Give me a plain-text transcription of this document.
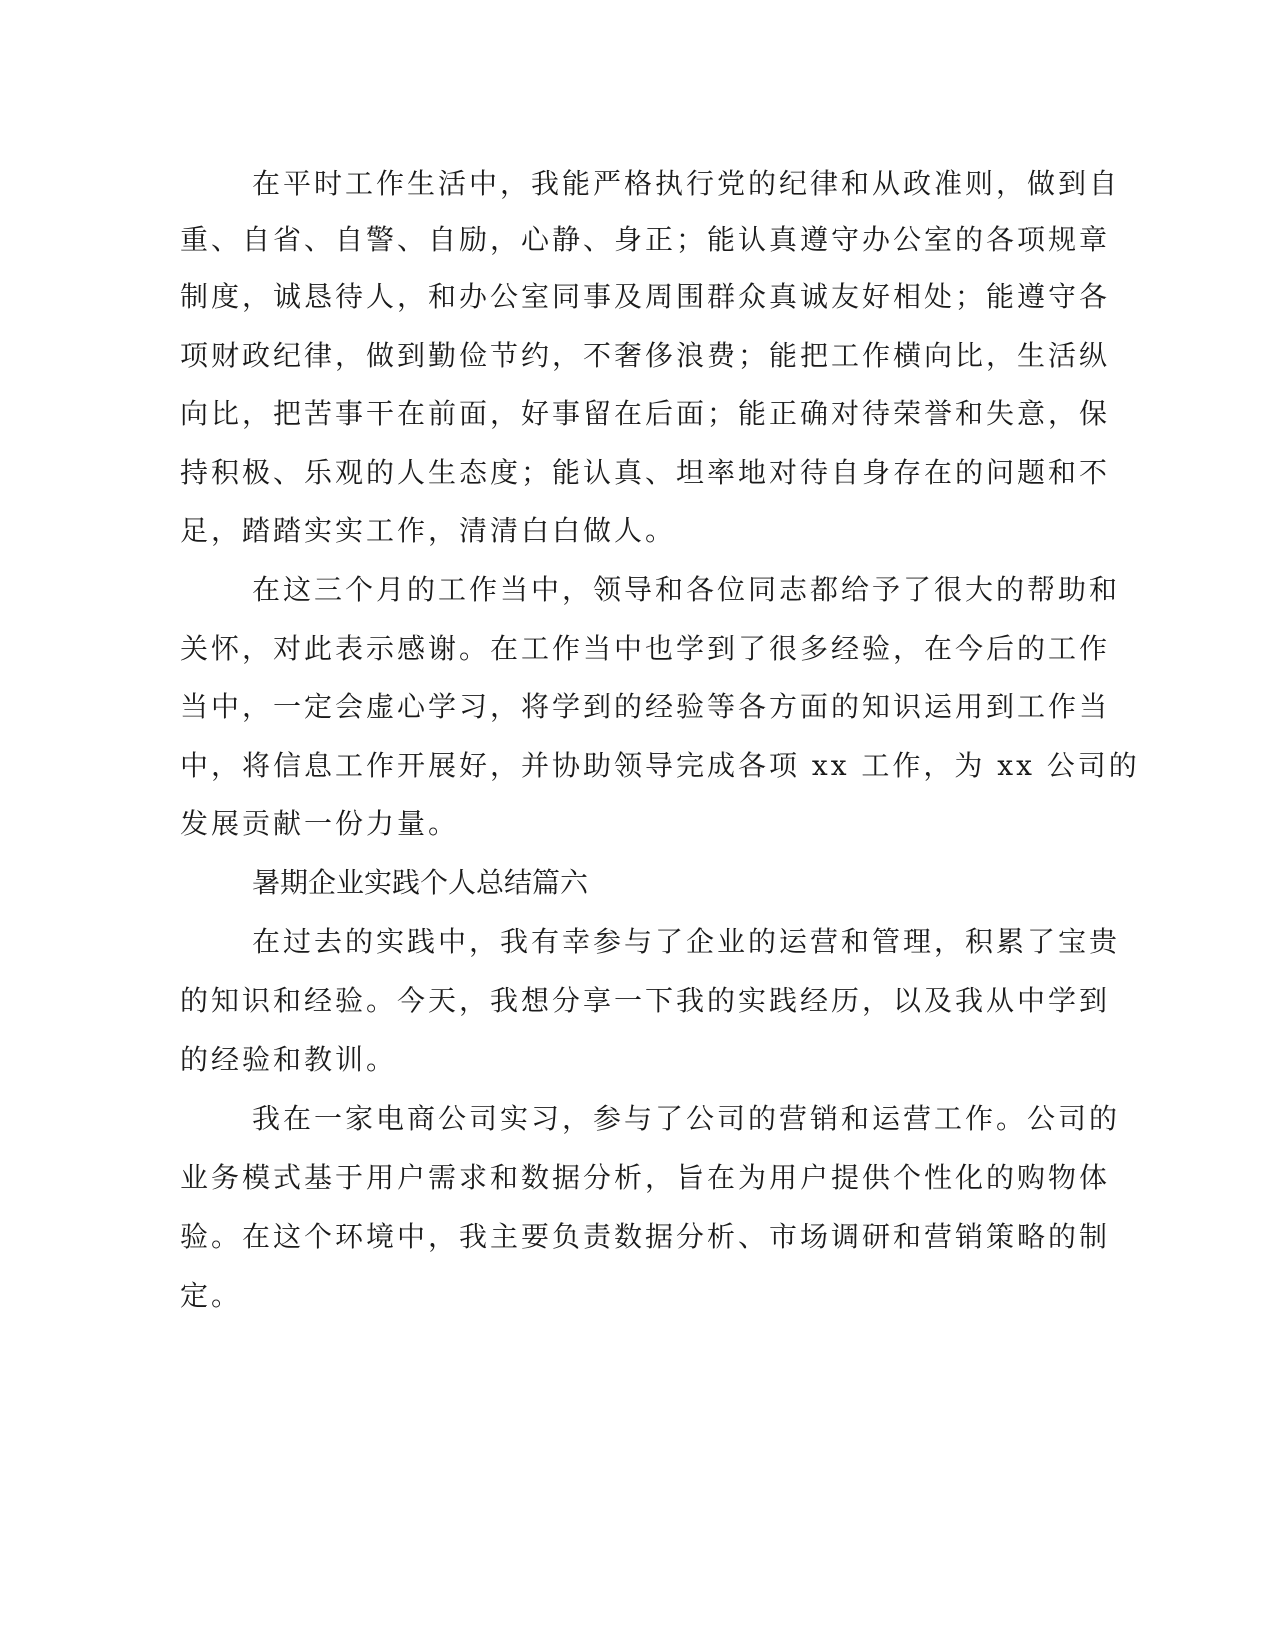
在平时工作生活中，我能严格执行党的纪律和从政准则，做到自
重、自省、自警、自励，心静、身正；能认真遵守办公室的各项规章
制度，诚恳待人，和办公室同事及周围群众真诚友好相处；能遵守各
项财政纪律，做到勤俭节约，不奢侈浪费；能把工作横向比，生活纵
向比，把苦事干在前面，好事留在后面；能正确对待荣誉和失意，保
持积极、乐观的人生态度；能认真、坦率地对待自身存在的问题和不
足，踏踏实实工作，清清白白做人。
在这三个月的工作当中，领导和各位同志都给予了很大的帮助和
关怀，对此表示感谢。在工作当中也学到了很多经验，在今后的工作
当中，一定会虚心学习，将学到的经验等各方面的知识运用到工作当
中，将信息工作开展好，并协助领导完成各项 xx 工作，为 xx 公司的
发展贡献一份力量。
暑期企业实践个人总结篇六
在过去的实践中，我有幸参与了企业的运营和管理，积累了宝贵
的知识和经验。今天，我想分享一下我的实践经历，以及我从中学到
的经验和教训。
我在一家电商公司实习，参与了公司的营销和运营工作。公司的
业务模式基于用户需求和数据分析，旨在为用户提供个性化的购物体
验。在这个环境中，我主要负责数据分析、市场调研和营销策略的制
定。
